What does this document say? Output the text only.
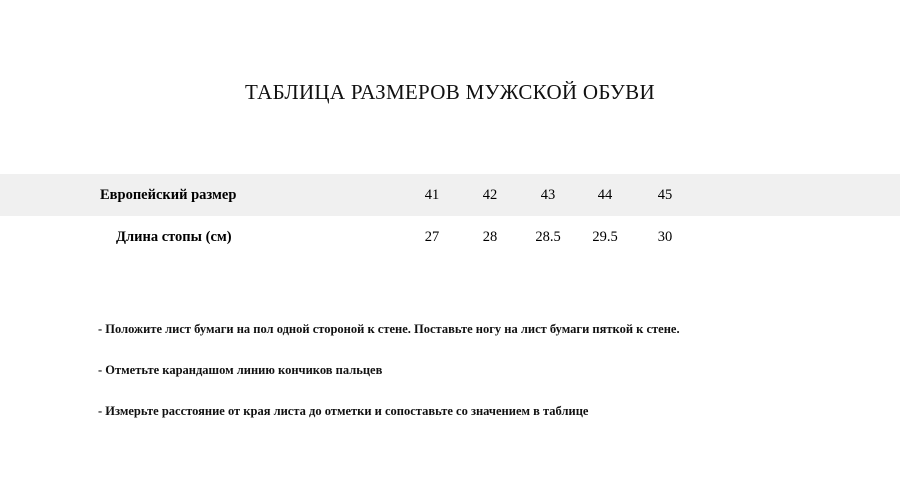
ТАБЛИЦА РАЗМЕРОВ МУЖСКОЙ ОБУВИ
Европейский размер	41	42	43	44	45
Длина стопы (см)	27	28	28.5	29.5	30
- Положите лист бумаги на пол одной стороной к стене. Поставьте ногу на лист бумаги пяткой к стене.
- Отметьте карандашом линию кончиков пальцев
- Измерьте расстояние от края листа до отметки и сопоставьте со значением в таблице
